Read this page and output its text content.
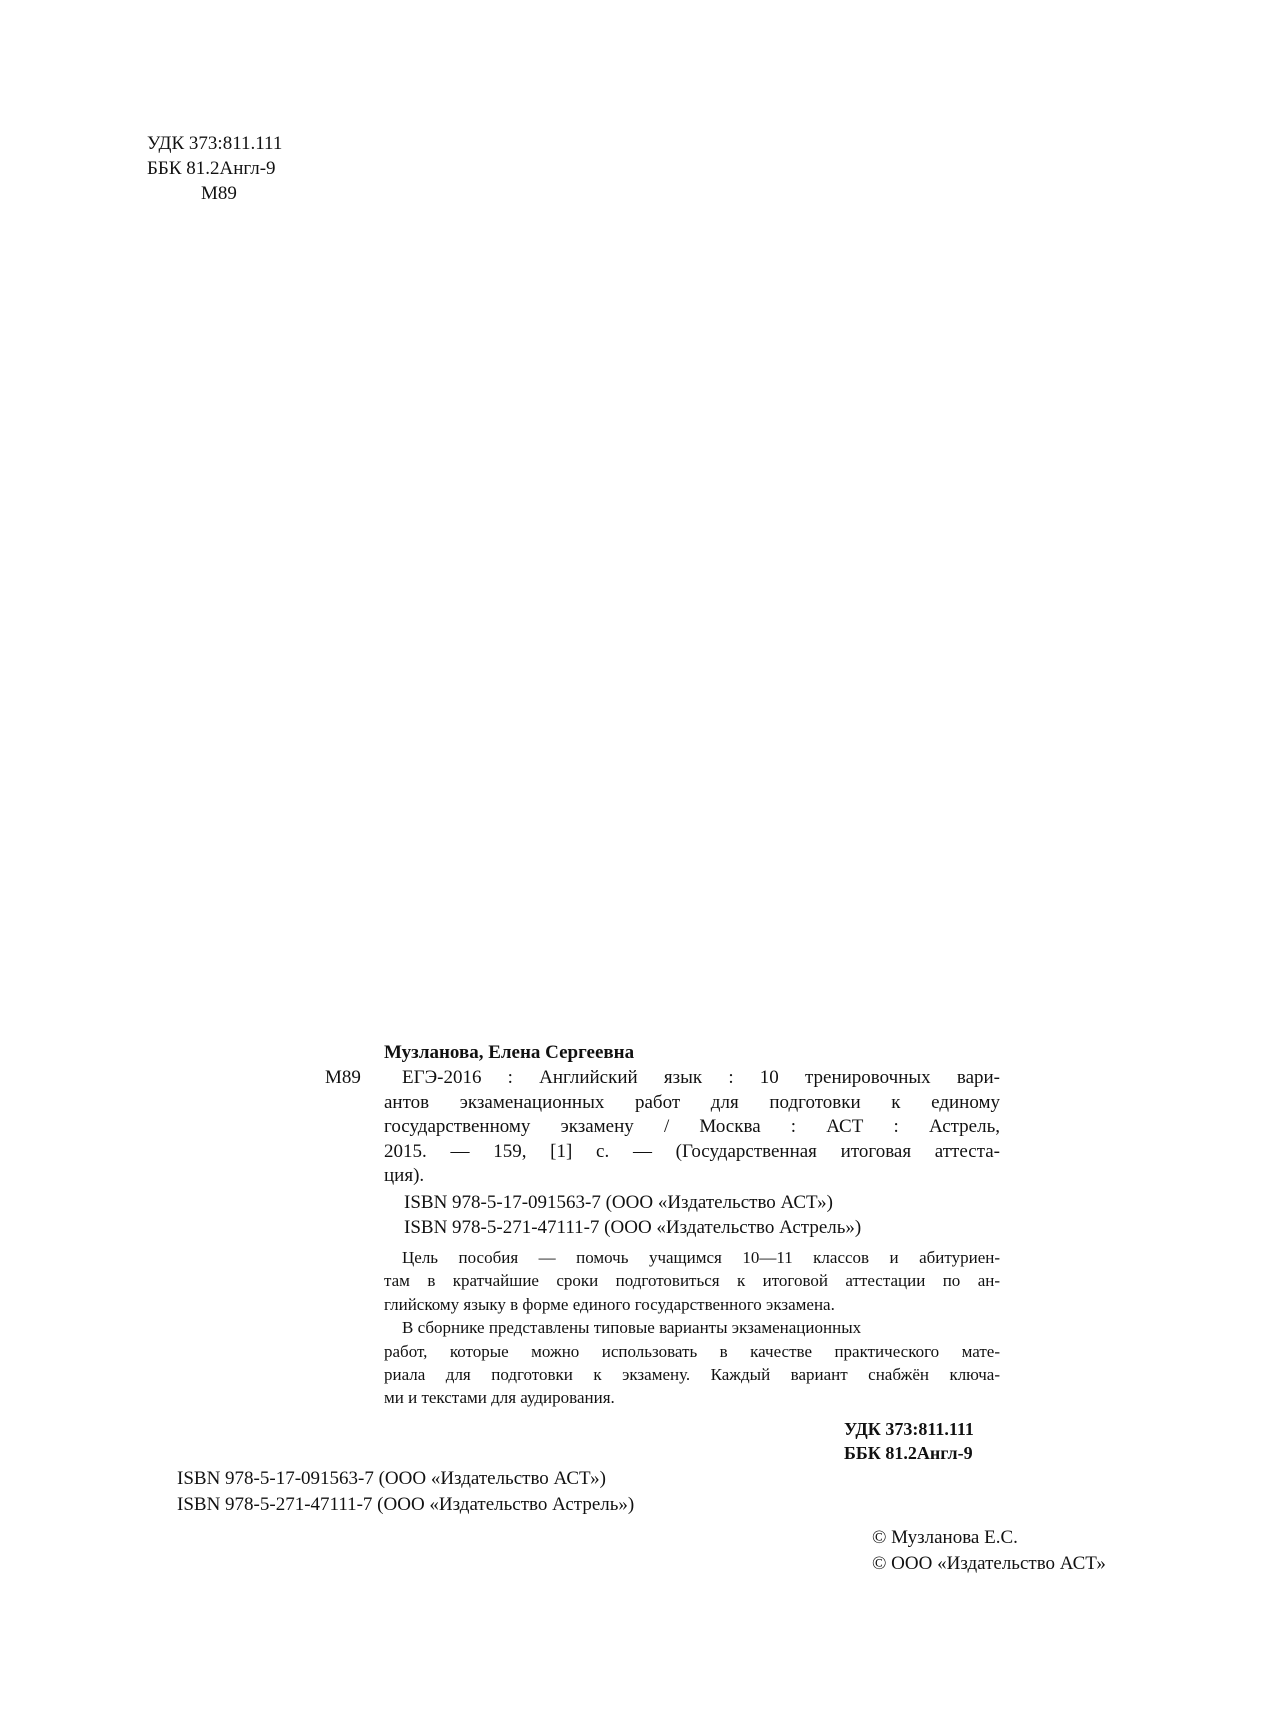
УДК 373:811.111
ББК 81.2Англ-9
М89
Музланова, Елена Сергеевна
М89	ЕГЭ-2016 : Английский язык : 10 тренировочных вари-
антов экзаменационных работ для подготовки к единому
государственному экзамену / Москва : АСТ : Астрель,
2015. — 159, [1] с. — (Государственная итоговая аттеста-
ция).
ISBN 978-5-17-091563-7 (ООО «Издательство АСТ»)
ISBN 978-5-271-47111-7 (ООО «Издательство Астрель»)
Цель пособия — помочь учащимся 10—11 классов и абитуриен-
там в кратчайшие сроки подготовиться к итоговой аттестации по ан-
глийскому языку в форме единого государственного экзамена.
В сборнике представлены типовые варианты экзаменационных
работ, которые можно использовать в качестве практического мате-
риала для подготовки к экзамену. Каждый вариант снабжён ключа-
ми и текстами для аудирования.
УДК 373:811.111
ББК 81.2Англ-9
ISBN 978-5-17-091563-7 (ООО «Издательство АСТ»)
ISBN 978-5-271-47111-7 (ООО «Издательство Астрель»)
© Музланова Е.С.
© ООО «Издательство АСТ»
